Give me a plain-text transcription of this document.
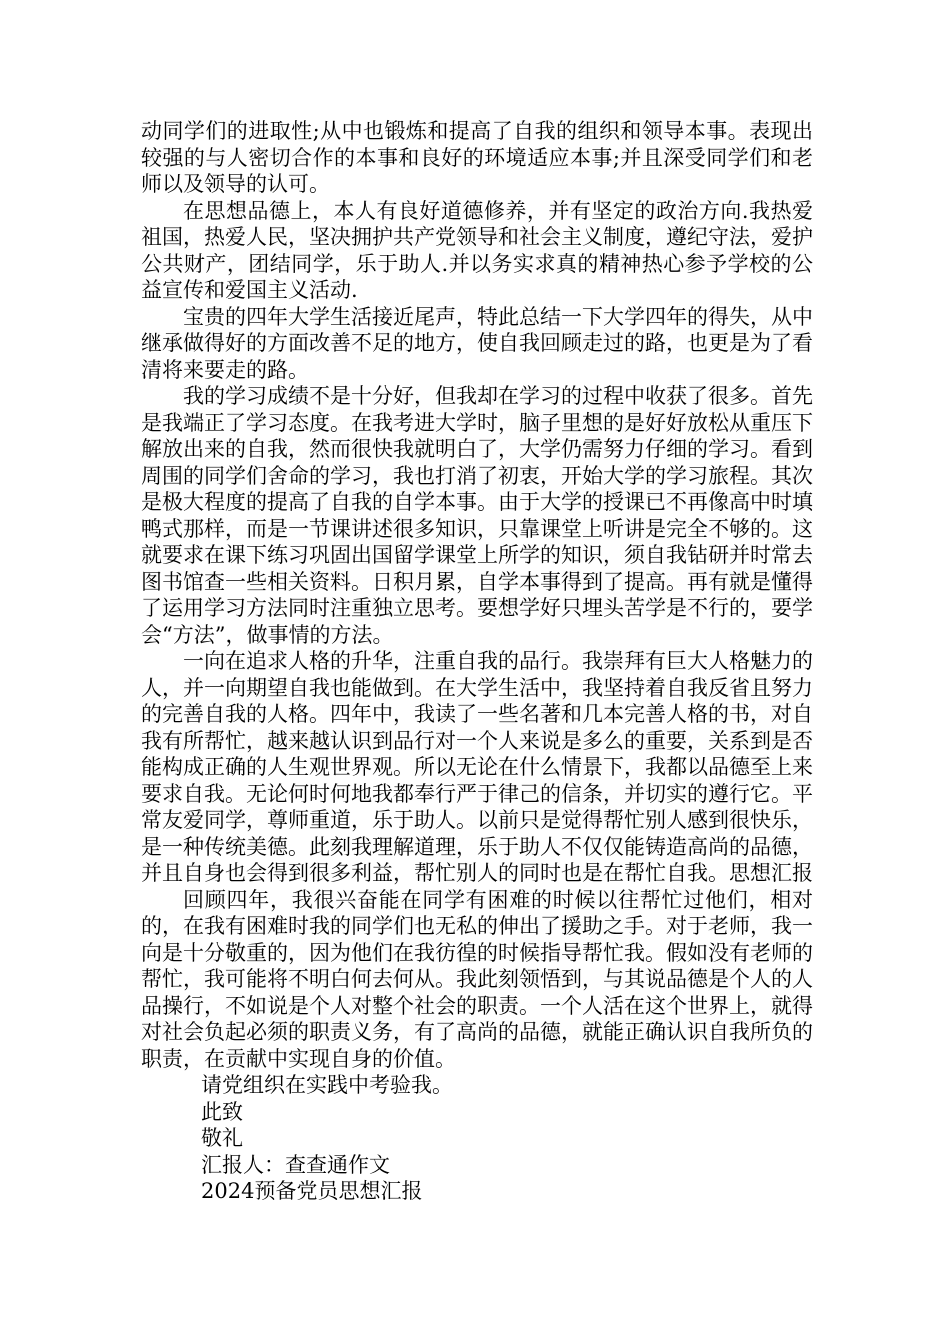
动同学们的进取性;从中也锻炼和提高了自我的组织和领导本事。表现出较强的与人密切合作的本事和良好的环境适应本事;并且深受同学们和老师以及领导的认可。

在思想品德上，本人有良好道德修养，并有坚定的政治方向.我热爱祖国，热爱人民，坚决拥护共产党领导和社会主义制度，遵纪守法，爱护公共财产，团结同学，乐于助人.并以务实求真的精神热心参予学校的公益宣传和爱国主义活动.

宝贵的四年大学生活接近尾声，特此总结一下大学四年的得失，从中继承做得好的方面改善不足的地方，使自我回顾走过的路，也更是为了看清将来要走的路。

我的学习成绩不是十分好，但我却在学习的过程中收获了很多。首先是我端正了学习态度。在我考进大学时，脑子里想的是好好放松从重压下解放出来的自我，然而很快我就明白了，大学仍需努力仔细的学习。看到周围的同学们舍命的学习，我也打消了初衷，开始大学的学习旅程。其次是极大程度的提高了自我的自学本事。由于大学的授课已不再像高中时填鸭式那样，而是一节课讲述很多知识，只靠课堂上听讲是完全不够的。这就要求在课下练习巩固出国留学课堂上所学的知识，须自我钻研并时常去图书馆查一些相关资料。日积月累，自学本事得到了提高。再有就是懂得了运用学习方法同时注重独立思考。要想学好只埋头苦学是不行的，要学会“方法”，做事情的方法。

一向在追求人格的升华，注重自我的品行。我崇拜有巨大人格魅力的人，并一向期望自我也能做到。在大学生活中，我坚持着自我反省且努力的完善自我的人格。四年中，我读了一些名著和几本完善人格的书，对自我有所帮忙，越来越认识到品行对一个人来说是多么的重要，关系到是否能构成正确的人生观世界观。所以无论在什么情景下，我都以品德至上来要求自我。无论何时何地我都奉行严于律己的信条，并切实的遵行它。平常友爱同学，尊师重道，乐于助人。以前只是觉得帮忙别人感到很快乐，是一种传统美德。此刻我理解道理，乐于助人不仅仅能铸造高尚的品德，并且自身也会得到很多利益，帮忙别人的同时也是在帮忙自我。思想汇报

回顾四年，我很兴奋能在同学有困难的时候以往帮忙过他们，相对的，在我有困难时我的同学们也无私的伸出了援助之手。对于老师，我一向是十分敬重的，因为他们在我彷徨的时候指导帮忙我。假如没有老师的帮忙，我可能将不明白何去何从。我此刻领悟到，与其说品德是个人的人品操行，不如说是个人对整个社会的职责。一个人活在这个世界上，就得对社会负起必须的职责义务，有了高尚的品德，就能正确认识自我所负的职责，在贡献中实现自身的价值。

请党组织在实践中考验我。

此致

敬礼

汇报人：查查通作文

2024预备党员思想汇报
